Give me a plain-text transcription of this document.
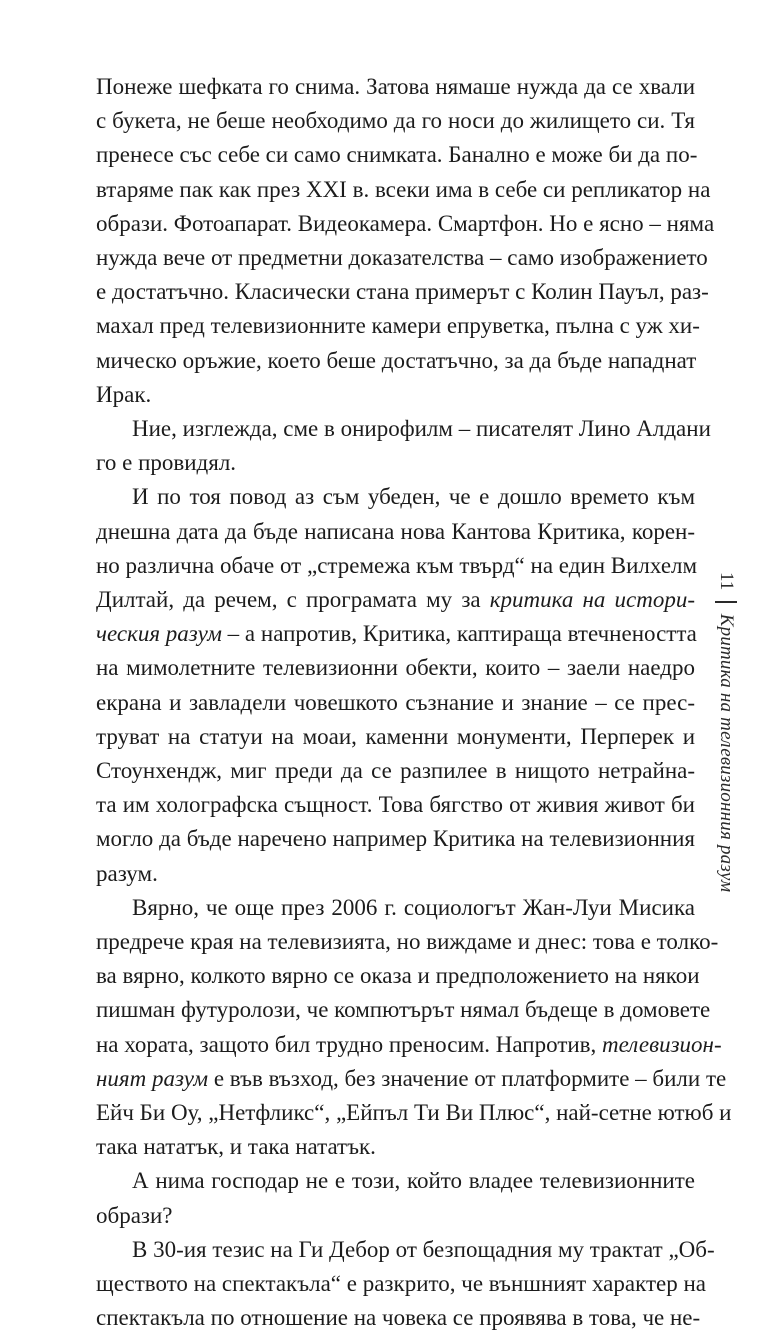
Понеже шефката го снима. Затова нямаше нужда да се хвали
с букета, не беше необходимо да го носи до жилището си. Тя
пренесе със себе си само снимката. Банално е може би да по-
втаряме пак как през XXI в. всеки има в себе си репликатор на
образи. Фотоапарат. Видеокамера. Смартфон. Но е ясно – няма
нужда вече от предметни доказателства – само изображението
е достатъчно. Класически стана примерът с Колин Пауъл, раз-
махал пред телевизионните камери епруветка, пълна с уж хи-
мическо оръжие, което беше достатъчно, за да бъде нападнат
Ирак.
Ние, изглежда, сме в онирофилм – писателят Лино Алдани
го е провидял.
И по тоя повод аз съм убеден, че е дошло времето към
днешна дата да бъде написана нова Кантова Критика, корен-
но различна обаче от „стремежа към твърд“ на един Вилхелм
Дилтай, да речем, с програмата му за критика на истори-
ческия разум – а напротив, Критика, каптираща втечнеността
на мимолетните телевизионни обекти, които – заели наедро
екрана и завладели човешкото съзнание и знание – се прес-
труват на статуи на моаи, каменни монументи, Перперек и
Стоунхендж, миг преди да се разпилее в нищото нетрайна-
та им холографска същност. Това бягство от живия живот би
могло да бъде наречено например Критика на телевизионния
разум.
Вярно, че още през 2006 г. социологът Жан-Луи Мисика
предрече края на телевизията, но виждаме и днес: това е толко-
ва вярно, колкото вярно се оказа и предположението на някои
пишман футуролози, че компютърът нямал бъдеще в домовете
на хората, защото бил трудно преносим. Напротив, телевизион-
ният разум е във възход, без значение от платформите – били те
Ейч Би Оу, „Нетфликс“, „Ейпъл Ти Ви Плюс“, най-сетне ютюб и
така нататък, и така нататък.
А нима господар не е този, който владее телевизионните
образи?
В 30-ия тезис на Ги Дебор от безпощадния му трактат „Об-
ществото на спектакъла“ е разкрито, че външният характер на
спектакъла по отношение на човека се проявява в това, че не-
11
Критика на телевизионния разум
